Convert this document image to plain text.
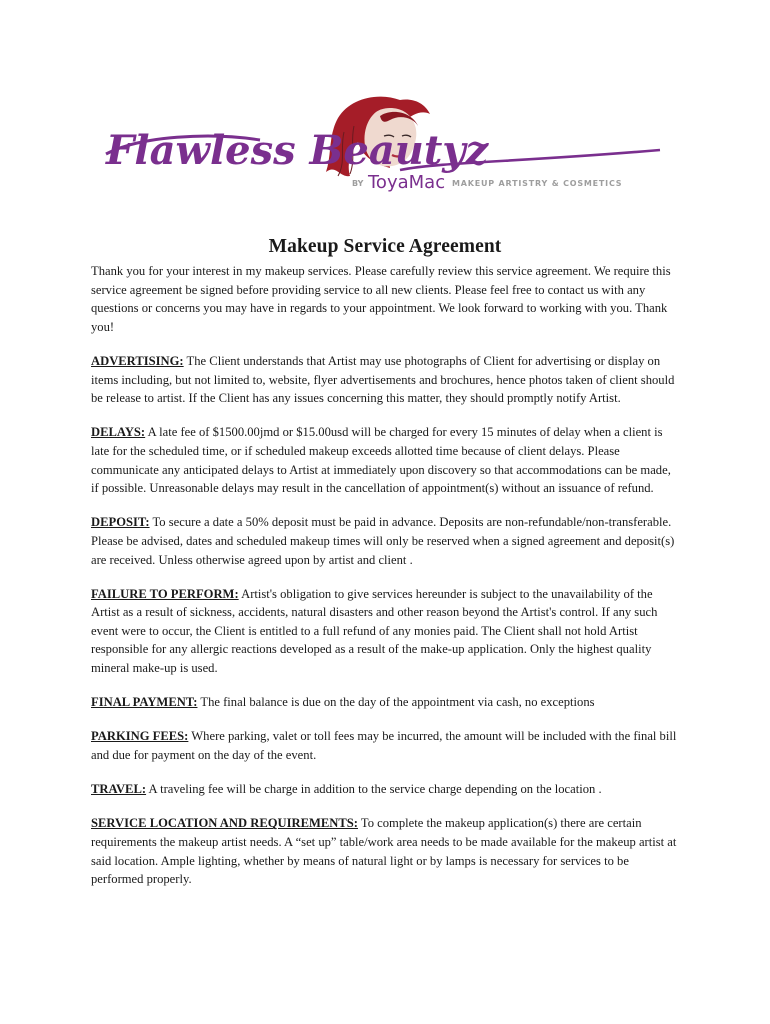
Flawless Beautyz
BY ToyaMac MAKEUP ARTISTRY & COSMETICS
Makeup Service Agreement

Thank you for your interest in my makeup services. Please carefully review this service agreement. We require this service agreement be signed before providing service to all new clients. Please feel free to contact us with any questions or concerns you may have in regards to your appointment. We look forward to working with you. Thank you!

ADVERTISING: The Client understands that Artist may use photographs of Client for advertising or display on items including, but not limited to, website, flyer advertisements and brochures, hence photos taken of client should be release to artist. If the Client has any issues concerning this matter, they should promptly notify Artist.

DELAYS: A late fee of $1500.00jmd or $15.00usd will be charged for every 15 minutes of delay when a client is late for the scheduled time, or if scheduled makeup exceeds allotted time because of client delays. Please communicate any anticipated delays to Artist at immediately upon discovery so that accommodations can be made, if possible. Unreasonable delays may result in the cancellation of appointment(s) without an issuance of refund.

DEPOSIT: To secure a date a 50% deposit must be paid in advance. Deposits are non-refundable/non-transferable. Please be advised, dates and scheduled makeup times will only be reserved when a signed agreement and deposit(s) are received. Unless otherwise agreed upon by artist and client .

FAILURE TO PERFORM: Artist's obligation to give services hereunder is subject to the unavailability of the Artist as a result of sickness, accidents, natural disasters and other reason beyond the Artist's control. If any such event were to occur, the Client is entitled to a full refund of any monies paid. The Client shall not hold Artist responsible for any allergic reactions developed as a result of the make-up application. Only the highest quality mineral make-up is used.

FINAL PAYMENT: The final balance is due on the day of the appointment via cash, no exceptions

PARKING FEES: Where parking, valet or toll fees may be incurred, the amount will be included with the final bill and due for payment on the day of the event.

TRAVEL: A traveling fee will be charge in addition to the service charge depending on the location .

SERVICE LOCATION AND REQUIREMENTS: To complete the makeup application(s) there are certain requirements the makeup artist needs. A “set up” table/work area needs to be made available for the makeup artist at said location. Ample lighting, whether by means of natural light or by lamps is necessary for services to be performed properly.
